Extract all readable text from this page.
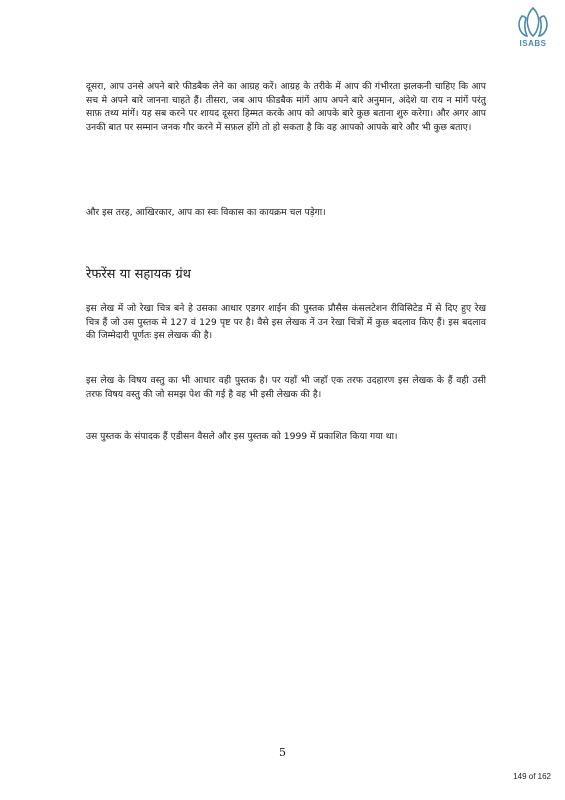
ISABS

दूसरा, आप उनसे अपने बारे फीडबैक लेने का आग्रह करें। आग्रह के तरीके में आप की गंभीरता झलकनी चाहिए कि आप सच मे अपने बारे जानना चाहते हैं। तीसरा, जब आप फीडबैक मांगें आप अपने बारे अनुमान, अंदेशे या राय न मांगें परंतु साफ़ तथ्य मांगें। यह सब करने पर शायद दूसरा हिम्मत करके आप को आपके बारे कुछ बताना शुरु करेगा। और अगर आप उनकी बात पर सम्मान जनक गौर करने में सफ़ल होंगे तो हो सकता है कि वह आपको आपके बारे और भी कुछ बताए।

और इस तरह, आखिरकार, आप का स्वः विकास का कायक्रम चल पड़ेगा।

रेफरेंस या सहायक ग्रंथ

इस लेख में जो रेखा चित्र बने हे उसका आधार एडगर शाईन की पुस्तक प्रौसैस कंसलटेशन रीविसिटेड में से दिए हुए रेख चित्र हैं जो उस पुस्तक मे 127 वं 129 पृष्ट पर है। वैसे इस लेखक नें उन रेखा चित्रों में कुछ बदलाव किए हैं। इस बदलाव की जिम्मेदारी पूर्णतः इस लेखक की है।

इस लेख के विषय वस्तु का भी आधार वही पुस्तक है। पर यहाँ भी जहाँ एक तरफ उदहारण इस लेखक के हैं वही उसी तरफ विषय वस्तु की जो समझ पेश की गई है वह भी इसी लेखक की है।

उस पुस्तक के संपादक हैं एडीसन वैसले और इस पुस्तक को 1999 में प्रकाशित किया गया था।

5
149 of 162
